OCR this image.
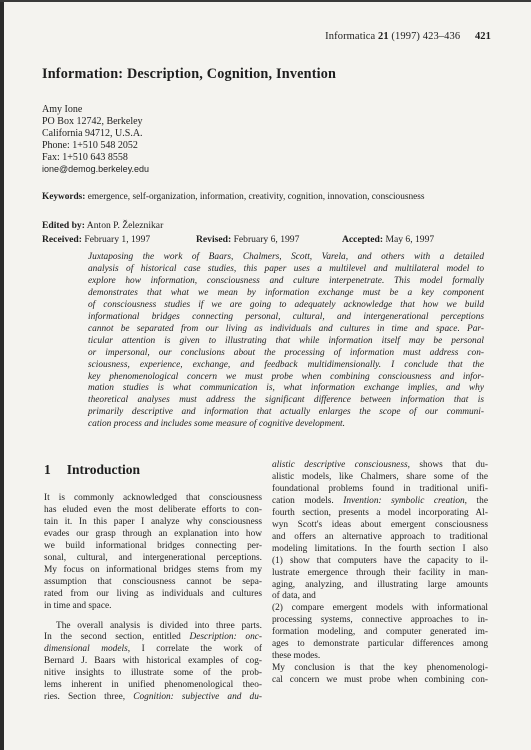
Informatica 21 (1997) 423–436 421
Information: Description, Cognition, Invention
Amy Ione
PO Box 12742, Berkeley
California 94712, U.S.A.
Phone: 1+510 548 2052
Fax: 1+510 643 8558
ione@demog.berkeley.edu
Keywords: emergence, self-organization, information, creativity, cognition, innovation, consciousness
Edited by: Anton P. Železnikar
Received: February 1, 1997	Revised: February 6, 1997	Accepted: May 6, 1997
Juxtaposing the work of Baars, Chalmers, Scott, Varela, and others with a detailed
analysis of historical case studies, this paper uses a multilevel and multilateral model to
explore how information, consciousness and culture interpenetrate. This model formally
demonstrates that what we mean by information exchange must be a key component
of consciousness studies if we are going to adequately acknowledge that how we build
informational bridges connecting personal, cultural, and intergenerational perceptions
cannot be separated from our living as individuals and cultures in time and space. Par-
ticular attention is given to illustrating that while information itself may be personal
or impersonal, our conclusions about the processing of information must address con-
sciousness, experience, exchange, and feedback multidimensionally. I conclude that the
key phenomenological concern we must probe when combining consciousness and infor-
mation studies is what communication is, what information exchange implies, and why
theoretical analyses must address the significant difference between information that is
primarily descriptive and information that actually enlarges the scope of our communi-
cation process and includes some measure of cognitive development.
1 Introduction
It is commonly acknowledged that consciousness
has eluded even the most deliberate efforts to con-
tain it. In this paper I analyze why consciousness
evades our grasp through an explanation into how
we build informational bridges connecting per-
sonal, cultural, and intergenerational perceptions.
My focus on informational bridges stems from my
assumption that consciousness cannot be sepa-
rated from our living as individuals and cultures
in time and space.
The overall analysis is divided into three parts.
In the second section, entitled Description: onc-
dimensional models, I correlate the work of
Bernard J. Baars with historical examples of cog-
nitive insights to illustrate some of the prob-
lems inherent in unified phenomenological theo-
ries. Section three, Cognition: subjective and du-
alistic descriptive consciousness, shows that du-
alistic models, like Chalmers, share some of the
foundational problems found in traditional unifi-
cation models. Invention: symbolic creation, the
fourth section, presents a model incorporating Al-
wyn Scott's ideas about emergent consciousness
and offers an alternative approach to traditional
modeling limitations. In the fourth section I also
(1) show that computers have the capacity to il-
lustrate emergence through their facility in man-
aging, analyzing, and illustrating large amounts
of data, and
(2) compare emergent models with informational
processing systems, connective approaches to in-
formation modeling, and computer generated im-
ages to demonstrate particular differences among
these modes.
My conclusion is that the key phenomenologi-
cal concern we must probe when combining con-
